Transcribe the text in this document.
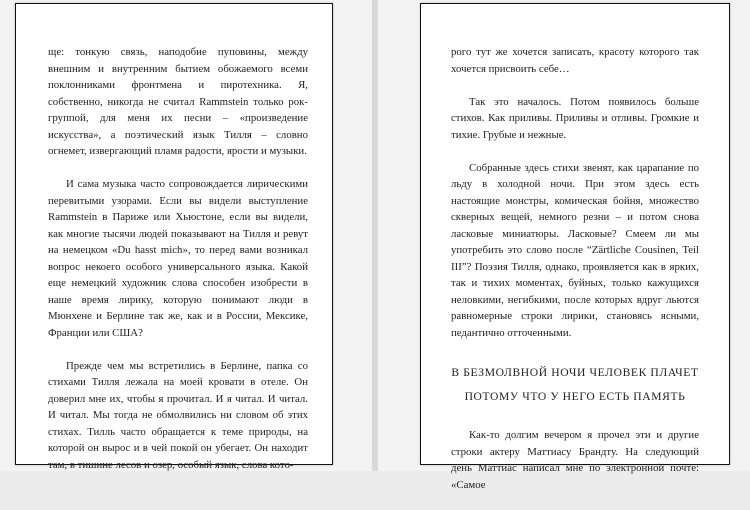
ще: тонкую связь, наподобие пуповины, между внешним и внутренним бытием обожаемого всеми поклонниками фронтмена и пиротехника. Я, собственно, никогда не считал Rammstein только рок-группой, для меня их песни – «произведение искусства», а поэтический язык Тилля – словно огнемет, извергающий пламя радости, ярости и музыки.

И сама музыка часто сопровождается лирическими перевитыми узорами. Если вы видели выступление Rammstein в Париже или Хьюстоне, если вы видели, как многие тысячи людей показывают на Тилля и ревут на немецком «Du hasst mich», то перед вами возникал вопрос некоего особого универсального языка. Какой еще немецкий художник слова способен изобрести в наше время лирику, которую понимают люди в Мюнхене и Берлине так же, как и в России, Мексике, Франции или США?

Прежде чем мы встретились в Берлине, папка со стихами Тилля лежала на моей кровати в отеле. Он доверил мне их, чтобы я прочитал. И я читал. И читал. И читал. Мы тогда не обмолвились ни словом об этих стихах. Тилль часто обращается к теме природы, на которой он вырос и в чей покой он убегает. Он находит там, в тишине лесов и озер, особый язык, слова кото-

рого тут же хочется записать, красоту которого так хочется присвоить себе…

Так это началось. Потом появилось больше стихов. Как приливы. Приливы и отливы. Громкие и тихие. Грубые и нежные.

Собранные здесь стихи звенят, как царапание по льду в холодной ночи. При этом здесь есть настоящие монстры, комическая бойня, множество скверных вещей, немного резни – и потом снова ласковые миниатюры. Ласковые? Смеем ли мы употребить это слово после “Zärtliche Cousinen, Teil III”? Поэзия Тилля, однако, проявляется как в ярких, так и тихих моментах, буйных, только кажущихся неловкими, негибкими, после которых вдруг льются равномерные строки лирики, становясь ясными, педантично отточенными.

В БЕЗМОЛВНОЙ НОЧИ ЧЕЛОВЕК ПЛАЧЕТ
ПОТОМУ ЧТО У НЕГО ЕСТЬ ПАМЯТЬ

Как-то долгим вечером я прочел эти и другие строки актеру Маттиасу Брандту. На следующий день Маттиас написал мне по электронной почте: «Самое
